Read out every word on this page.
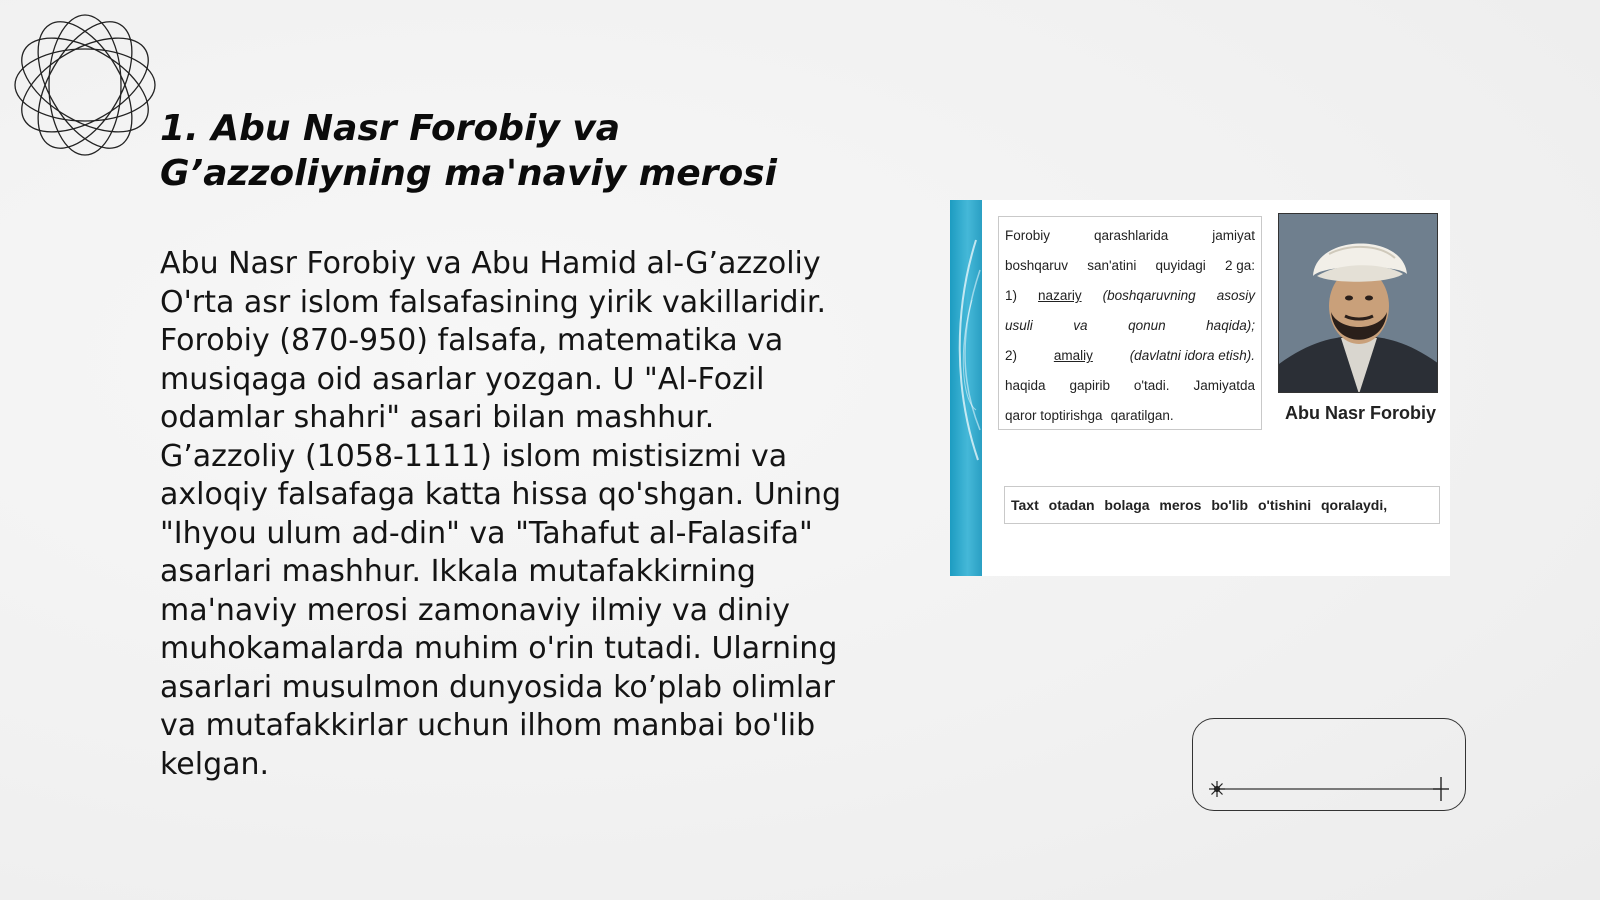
1. Abu Nasr Forobiy va G’azzoliyning ma'naviy merosi

Abu Nasr Forobiy va Abu Hamid al-G’azzoliy O'rta asr islom falsafasining yirik vakillaridir. Forobiy (870-950) falsafa, matematika va musiqaga oid asarlar yozgan. U "Al-Fozil odamlar shahri" asari bilan mashhur. G’azzoliy (1058-1111) islom mistisizmi va axloqiy falsafaga katta hissa qo'shgan. Uning "Ihyou ulum ad-din" va "Tahafut al-Falasifa" asarlari mashhur. Ikkala mutafakkirning ma'naviy merosi zamonaviy ilmiy va diniy muhokamalarda muhim o'rin tutadi. Ularning asarlari musulmon dunyosida ko’plab olimlar va mutafakkirlar uchun ilhom manbai bo'lib kelgan.

Forobiy	qarashlarida	jamiyat
boshqaruv san'atini quyidagi 2 ga:
1) nazariy (boshqaruvning asosiy
usuli	va	qonun	haqida);
2)	amaliy	(davlatni idora etish).
haqida gapirib o'tadi. Jamiyatda
qaror toptirishga qaratilgan.	Abu Nasr Forobiy
Taxt otadan bolaga meros bo'lib o'tishini qoralaydi,
